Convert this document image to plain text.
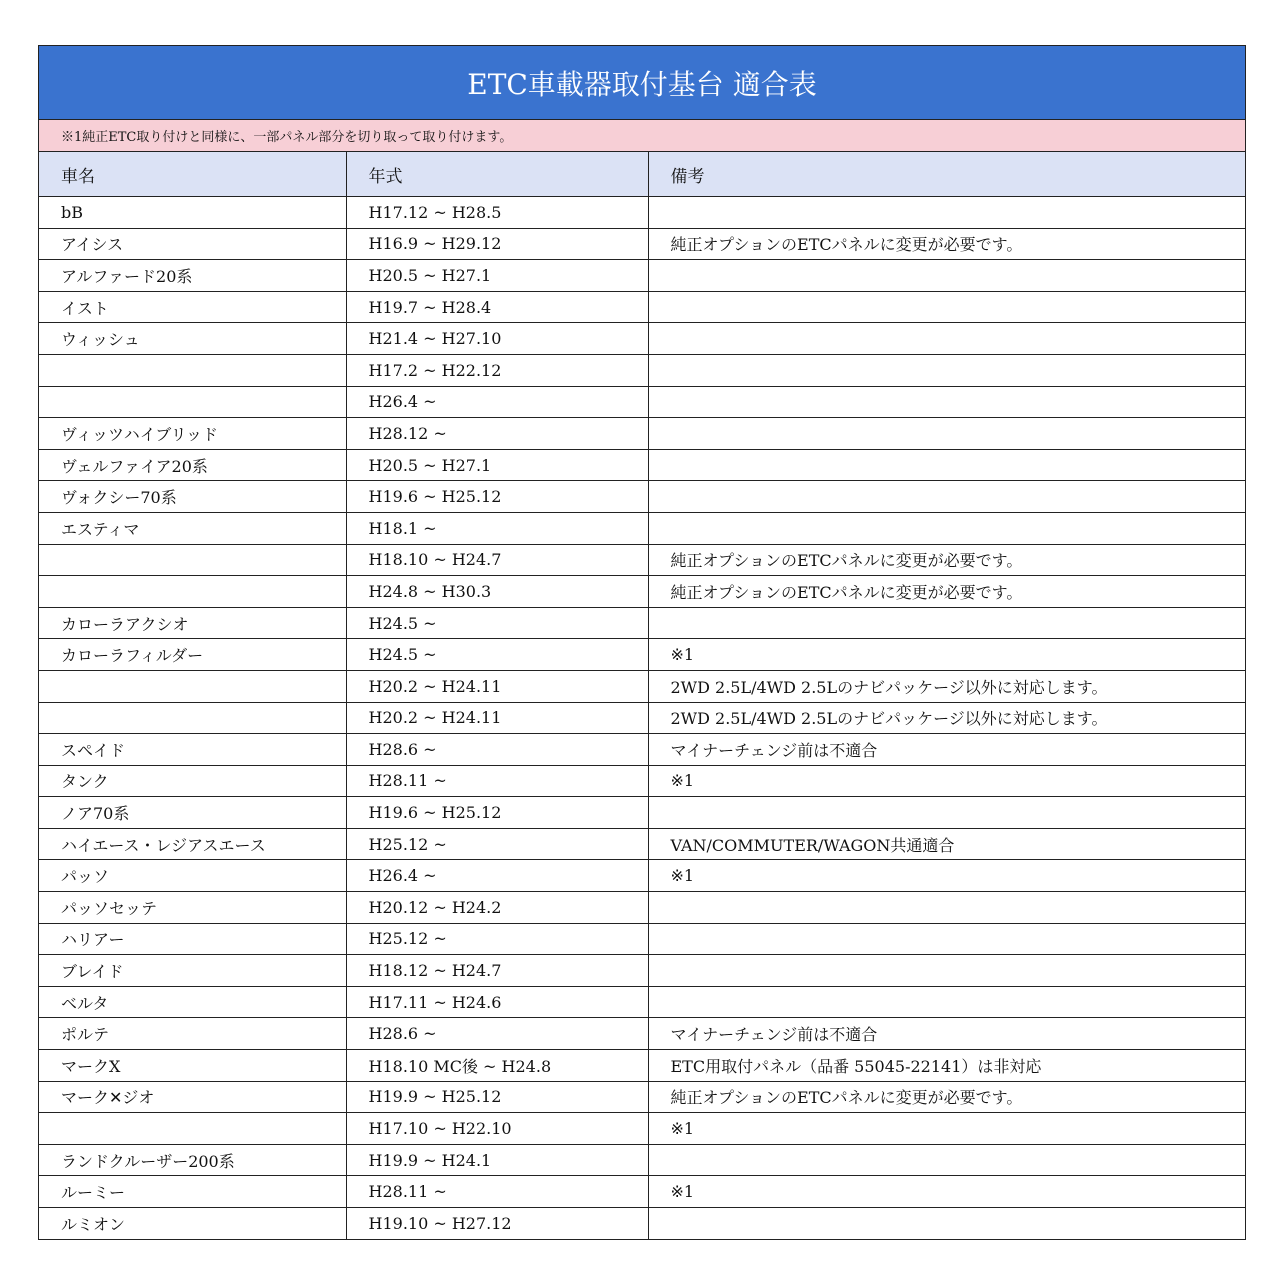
ETC車載器取付基台 適合表
※1純正ETC取り付けと同様に、一部パネル部分を切り取って取り付けます。
車名	年式	備考
bB	H17.12 ~ H28.5	
アイシス	H16.9 ~ H29.12	純正オプションのETCパネルに変更が必要です。
アルファード20系	H20.5 ~ H27.1	
イスト	H19.7 ~ H28.4	
ウィッシュ	H21.4 ~ H27.10	
	H17.2 ~ H22.12	
	H26.4 ~	
ヴィッツハイブリッド	H28.12 ~	
ヴェルファイア20系	H20.5 ~ H27.1	
ヴォクシー70系	H19.6 ~ H25.12	
エスティマ	H18.1 ~	
	H18.10 ~ H24.7	純正オプションのETCパネルに変更が必要です。
	H24.8 ~ H30.3	純正オプションのETCパネルに変更が必要です。
カローラアクシオ	H24.5 ~	
カローラフィルダー	H24.5 ~	※1
	H20.2 ~ H24.11	2WD 2.5L/4WD 2.5Lのナビパッケージ以外に対応します。
	H20.2 ~ H24.11	2WD 2.5L/4WD 2.5Lのナビパッケージ以外に対応します。
スペイド	H28.6 ~	マイナーチェンジ前は不適合
タンク	H28.11 ~	※1
ノア70系	H19.6 ~ H25.12	
ハイエース・レジアスエース	H25.12 ~	VAN/COMMUTER/WAGON共通適合
パッソ	H26.4 ~	※1
パッソセッテ	H20.12 ~ H24.2	
ハリアー	H25.12 ~	
ブレイド	H18.12 ~ H24.7	
ベルタ	H17.11 ~ H24.6	
ポルテ	H28.6 ~	マイナーチェンジ前は不適合
マークX	H18.10 MC後 ~ H24.8	ETC用取付パネル（品番 55045-22141）は非対応
マーク✕ジオ	H19.9 ~ H25.12	純正オプションのETCパネルに変更が必要です。
	H17.10 ~ H22.10	※1
ランドクルーザー200系	H19.9 ~ H24.1	
ルーミー	H28.11 ~	※1
ルミオン	H19.10 ~ H27.12	
